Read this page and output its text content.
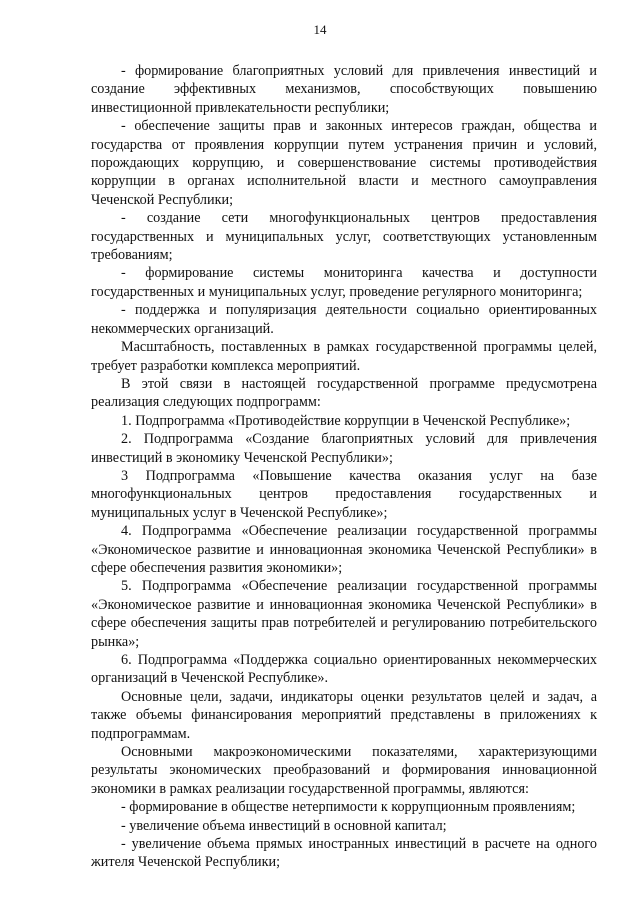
14

- формирование благоприятных условий для привлечения инвестиций и создание эффективных механизмов, способствующих повышению инвестиционной привлекательности республики;

- обеспечение защиты прав и законных интересов граждан, общества и государства от проявления коррупции путем устранения причин и условий, порождающих коррупцию, и совершенствование системы противодействия коррупции в органах исполнительной власти и местного самоуправления Чеченской Республики;

- создание сети многофункциональных центров предоставления государственных и муниципальных услуг, соответствующих установленным требованиям;

- формирование системы мониторинга качества и доступности государственных и муниципальных услуг, проведение регулярного мониторинга;

- поддержка и популяризация деятельности социально ориентированных некоммерческих организаций.

Масштабность, поставленных в рамках государственной программы целей, требует разработки комплекса мероприятий.

В этой связи в настоящей государственной программе предусмотрена реализация следующих подпрограмм:

1. Подпрограмма «Противодействие коррупции в Чеченской Республике»;

2. Подпрограмма «Создание благоприятных условий для привлечения инвестиций в экономику Чеченской Республики»;

3 Подпрограмма «Повышение качества оказания услуг на базе многофункциональных центров предоставления государственных и муниципальных услуг в Чеченской Республике»;

4. Подпрограмма «Обеспечение реализации государственной программы «Экономическое развитие и инновационная экономика Чеченской Республики» в сфере обеспечения развития экономики»;

5. Подпрограмма «Обеспечение реализации государственной программы «Экономическое развитие и инновационная экономика Чеченской Республики» в сфере обеспечения защиты прав потребителей и регулированию потребительского рынка»;

6. Подпрограмма «Поддержка социально ориентированных некоммерческих организаций в Чеченской Республике».

Основные цели, задачи, индикаторы оценки результатов целей и задач, а также объемы финансирования мероприятий представлены в приложениях к подпрограммам.

Основными макроэкономическими показателями, характеризующими результаты экономических преобразований и формирования инновационной экономики в рамках реализации государственной программы, являются:

- формирование в обществе нетерпимости к коррупционным проявлениям;

- увеличение объема инвестиций в основной капитал;

- увеличение объема прямых иностранных инвестиций в расчете на одного жителя Чеченской Республики;
